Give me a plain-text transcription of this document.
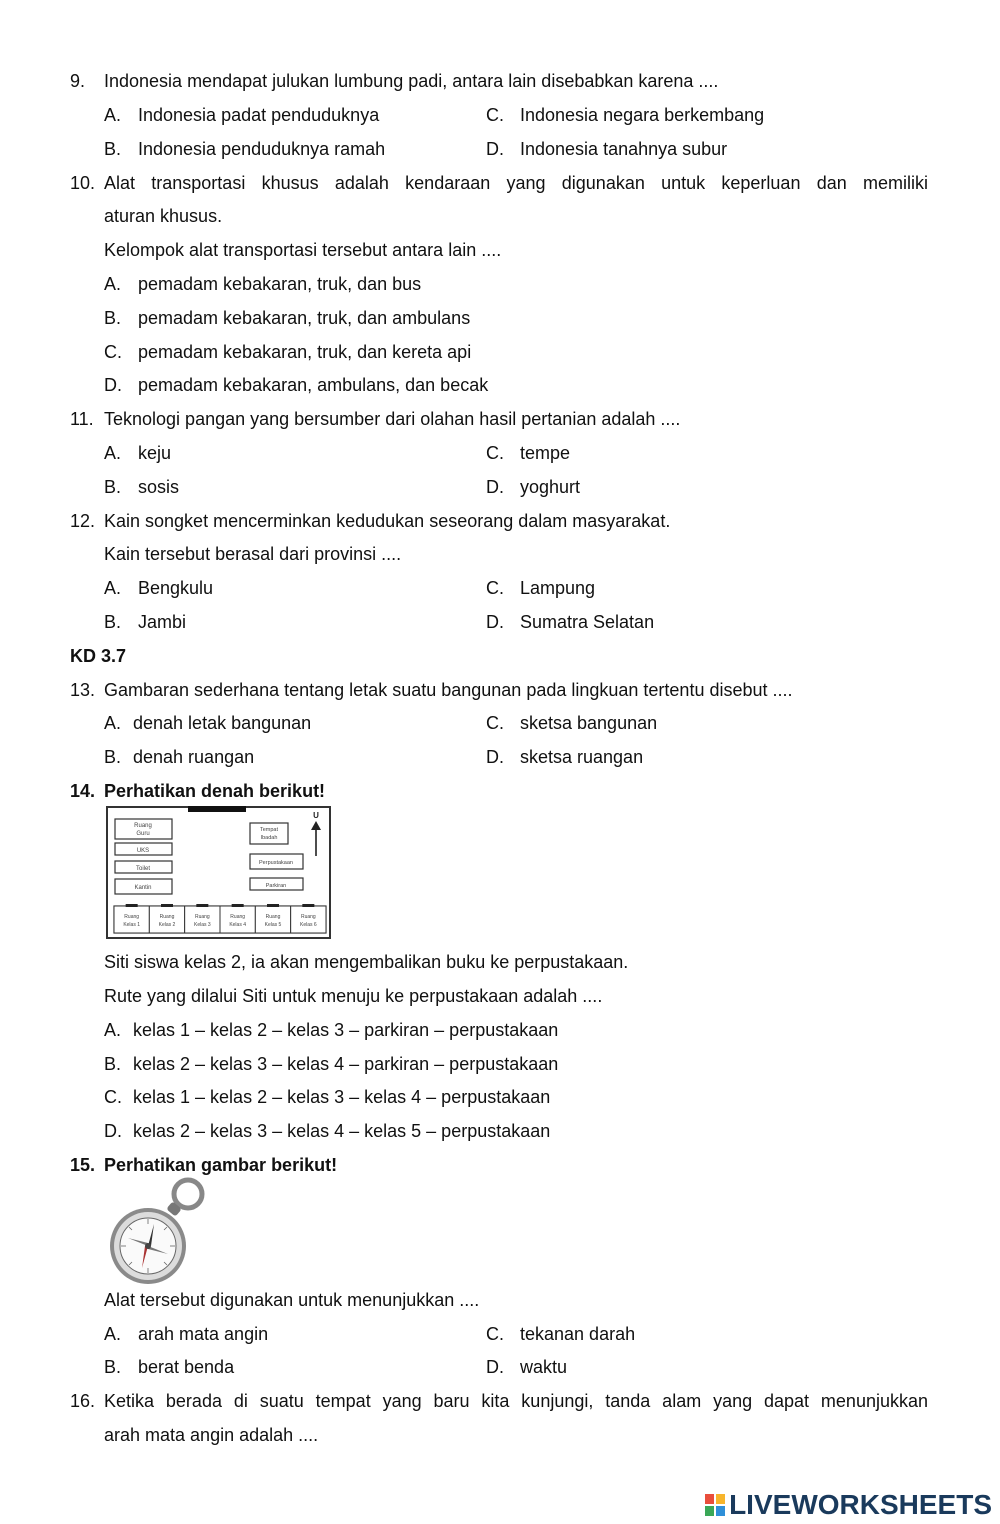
9. Indonesia mendapat julukan lumbung padi, antara lain disebabkan karena ....
A. Indonesia padat penduduknya	C. Indonesia negara berkembang
B. Indonesia penduduknya ramah	D. Indonesia tanahnya subur
10. Alat transportasi khusus adalah kendaraan yang digunakan untuk keperluan dan memiliki
aturan khusus.
Kelompok alat transportasi tersebut antara lain ....
A. pemadam kebakaran, truk, dan bus
B. pemadam kebakaran, truk, dan ambulans
C. pemadam kebakaran, truk, dan kereta api
D. pemadam kebakaran, ambulans, dan becak
11. Teknologi pangan yang bersumber dari olahan hasil pertanian adalah ....
A. keju	C. tempe
B. sosis	D. yoghurt
12. Kain songket mencerminkan kedudukan seseorang dalam masyarakat.
Kain tersebut berasal dari provinsi ....
A. Bengkulu	C. Lampung
B. Jambi	D. Sumatra Selatan
KD 3.7
13. Gambaran sederhana tentang letak suatu bangunan pada lingkuan tertentu disebut ....
A. denah letak bangunan	C. sketsa bangunan
B. denah ruangan	D. sketsa ruangan
14. Perhatikan denah berikut!
Ruang
Guru
UKS
Toilet
Kantin
Tempat
Ibadah
Perpustakaan
Parkiran
U
Ruang
Kelas 1
Ruang
Kelas 2
Ruang
Kelas 3
Ruang
Kelas 4
Ruang
Kelas 5
Ruang
Kelas 6
Siti siswa kelas 2, ia akan mengembalikan buku ke perpustakaan.
Rute yang dilalui Siti untuk menuju ke perpustakaan adalah ....
A. kelas 1 – kelas 2 – kelas 3 – parkiran – perpustakaan
B. kelas 2 – kelas 3 – kelas 4 – parkiran – perpustakaan
C. kelas 1 – kelas 2 – kelas 3 – kelas 4 – perpustakaan
D. kelas 2 – kelas 3 – kelas 4 – kelas 5 – perpustakaan
15. Perhatikan gambar berikut!
Alat tersebut digunakan untuk menunjukkan ....
A. arah mata angin	C. tekanan darah
B. berat benda	D. waktu
16. Ketika berada di suatu tempat yang baru kita kunjungi, tanda alam yang dapat menunjukkan
arah mata angin adalah ....
LIVEWORKSHEETS
